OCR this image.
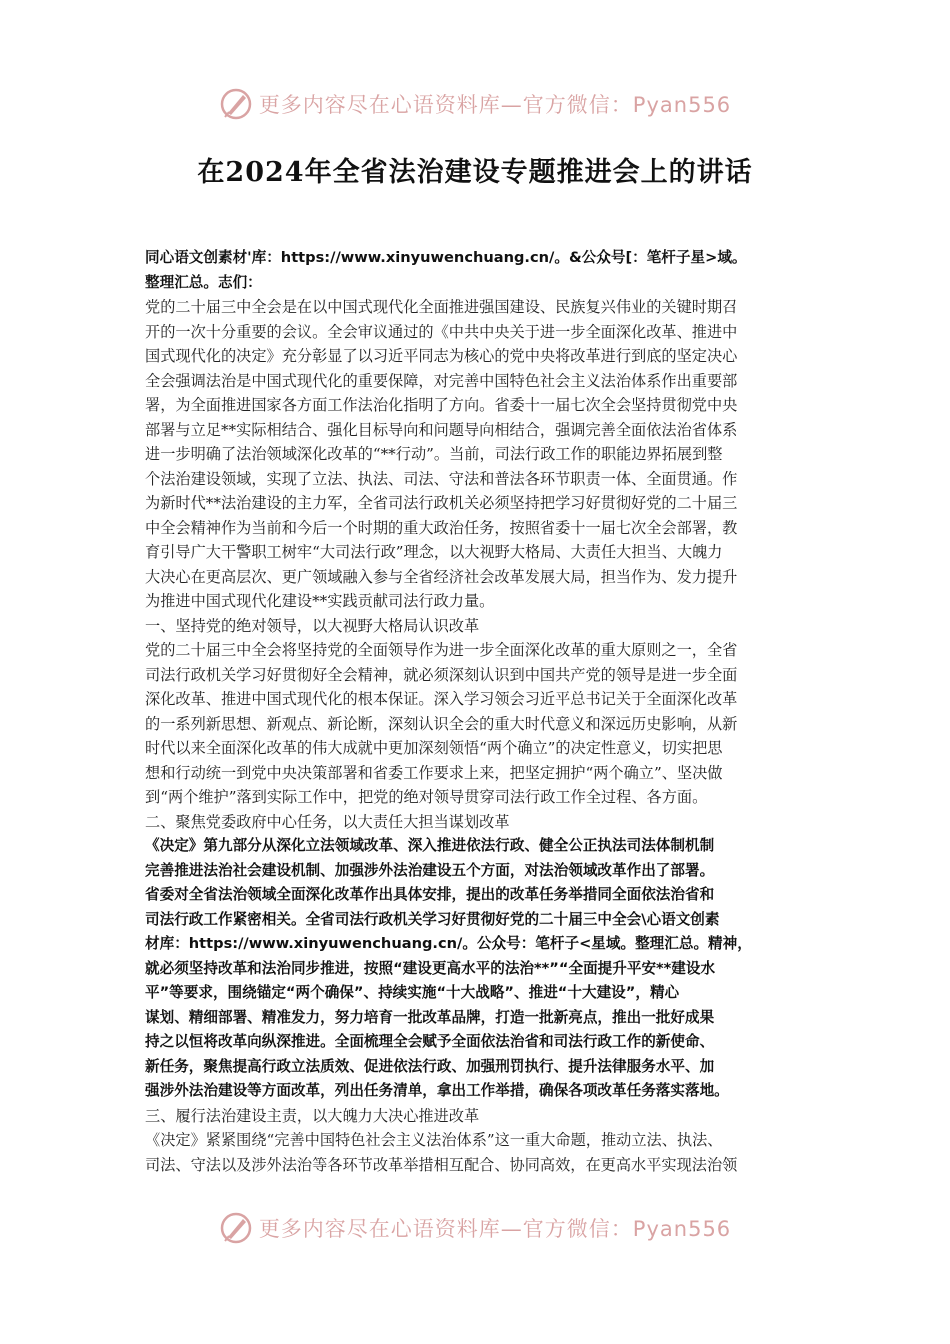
更多内容尽在心语资料库—官方微信：Pyan556
在2024年全省法治建设专题推进会上的讲话
同心语文创素材'库：https://www.xinyuwenchuang.cn/。&公众号[：笔杆子星>域。
整理汇总。志们：
党的二十届三中全会是在以中国式现代化全面推进强国建设、民族复兴伟业的关键时期召
开的一次十分重要的会议。全会审议通过的《中共中央关于进一步全面深化改革、推进中
国式现代化的决定》充分彰显了以习近平同志为核心的党中央将改革进行到底的坚定决心
全会强调法治是中国式现代化的重要保障，对完善中国特色社会主义法治体系作出重要部
署，为全面推进国家各方面工作法治化指明了方向。省委十一届七次全会坚持贯彻党中央
部署与立足**实际相结合、强化目标导向和问题导向相结合，强调完善全面依法治省体系
进一步明确了法治领域深化改革的“**行动”。当前，司法行政工作的职能边界拓展到整
个法治建设领域，实现了立法、执法、司法、守法和普法各环节职责一体、全面贯通。作
为新时代**法治建设的主力军，全省司法行政机关必须坚持把学习好贯彻好党的二十届三
中全会精神作为当前和今后一个时期的重大政治任务，按照省委十一届七次全会部署，教
育引导广大干警职工树牢“大司法行政”理念，以大视野大格局、大责任大担当、大魄力
大决心在更高层次、更广领域融入参与全省经济社会改革发展大局，担当作为、发力提升
为推进中国式现代化建设**实践贡献司法行政力量。
一、坚持党的绝对领导，以大视野大格局认识改革
党的二十届三中全会将坚持党的全面领导作为进一步全面深化改革的重大原则之一，全省
司法行政机关学习好贯彻好全会精神，就必须深刻认识到中国共产党的领导是进一步全面
深化改革、推进中国式现代化的根本保证。深入学习领会习近平总书记关于全面深化改革
的一系列新思想、新观点、新论断，深刻认识全会的重大时代意义和深远历史影响，从新
时代以来全面深化改革的伟大成就中更加深刻领悟“两个确立”的决定性意义，切实把思
想和行动统一到党中央决策部署和省委工作要求上来，把坚定拥护“两个确立”、坚决做
到“两个维护”落到实际工作中，把党的绝对领导贯穿司法行政工作全过程、各方面。
二、聚焦党委政府中心任务，以大责任大担当谋划改革
《决定》第九部分从深化立法领域改革、深入推进依法行政、健全公正执法司法体制机制
完善推进法治社会建设机制、加强涉外法治建设五个方面，对法治领域改革作出了部署。
省委对全省法治领域全面深化改革作出具体安排，提出的改革任务举措同全面依法治省和
司法行政工作紧密相关。全省司法行政机关学习好贯彻好党的二十届三中全会\心语文创素
材库：https://www.xinyuwenchuang.cn/。公众号：笔杆子<星域。整理汇总。精神，
就必须坚持改革和法治同步推进，按照“建设更高水平的法治**”“全面提升平安**建设水
平”等要求，围绕锚定“两个确保”、持续实施“十大战略”、推进“十大建设”，精心
谋划、精细部署、精准发力，努力培育一批改革品牌，打造一批新亮点，推出一批好成果
持之以恒将改革向纵深推进。全面梳理全会赋予全面依法治省和司法行政工作的新使命、
新任务，聚焦提高行政立法质效、促进依法行政、加强刑罚执行、提升法律服务水平、加
强涉外法治建设等方面改革，列出任务清单，拿出工作举措，确保各项改革任务落实落地。
三、履行法治建设主责，以大魄力大决心推进改革
《决定》紧紧围绕“完善中国特色社会主义法治体系”这一重大命题，推动立法、执法、
司法、守法以及涉外法治等各环节改革举措相互配合、协同高效，在更高水平实现法治领
更多内容尽在心语资料库—官方微信：Pyan556
